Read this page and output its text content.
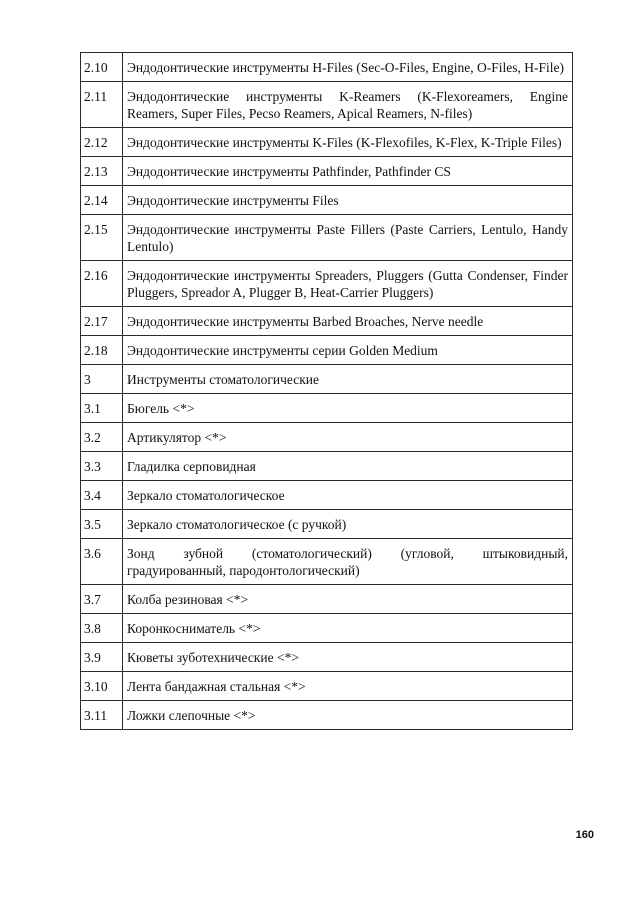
2.10	Эндодонтические инструменты H-Files (Sec-O-Files, Engine, O-Files, H-File)
2.11	Эндодонтические инструменты K-Reamers (K-Flexoreamers, Engine Reamers, Super Files, Pecso Reamers, Apical Reamers, N-files)
2.12	Эндодонтические инструменты K-Files (K-Flexofiles, K-Flex, K-Triple Files)
2.13	Эндодонтические инструменты Pathfinder, Pathfinder CS
2.14	Эндодонтические инструменты Files
2.15	Эндодонтические инструменты Paste Fillers (Paste Carriers, Lentulo, Handy Lentulo)
2.16	Эндодонтические инструменты Spreaders, Pluggers (Gutta Condenser, Finder Pluggers, Spreador A, Plugger B, Heat-Carrier Pluggers)
2.17	Эндодонтические инструменты Barbed Broaches, Nerve needle
2.18	Эндодонтические инструменты серии Golden Medium
3	Инструменты стоматологические
3.1	Бюгель <*>
3.2	Артикулятор <*>
3.3	Гладилка серповидная
3.4	Зеркало стоматологическое
3.5	Зеркало стоматологическое (с ручкой)
3.6	Зонд зубной (стоматологический) (угловой, штыковидный, градуированный, пародонтологический)
3.7	Колба резиновая <*>
3.8	Коронкосниматель <*>
3.9	Кюветы зуботехнические <*>
3.10	Лента бандажная стальная <*>
3.11	Ложки слепочные <*>
160
